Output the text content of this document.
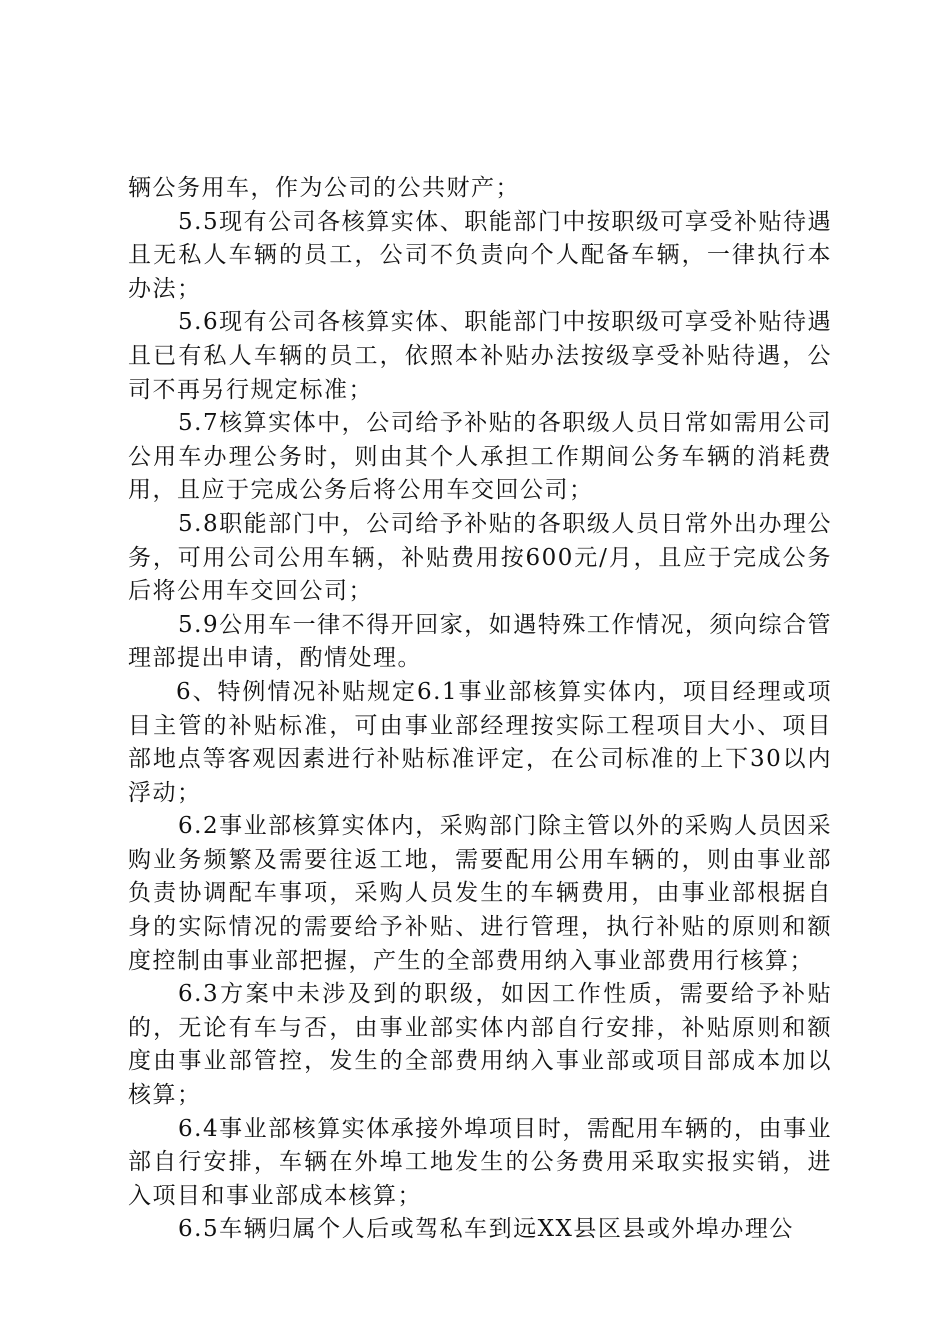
辆公务用车，作为公司的公共财产；

5.5现有公司各核算实体、职能部门中按职级可享受补贴待遇且无私人车辆的员工，公司不负责向个人配备车辆，一律执行本办法；

5.6现有公司各核算实体、职能部门中按职级可享受补贴待遇且已有私人车辆的员工，依照本补贴办法按级享受补贴待遇，公司不再另行规定标准；

5.7核算实体中，公司给予补贴的各职级人员日常如需用公司公用车办理公务时，则由其个人承担工作期间公务车辆的消耗费用，且应于完成公务后将公用车交回公司；

5.8职能部门中，公司给予补贴的各职级人员日常外出办理公务，可用公司公用车辆，补贴费用按600元/月，且应于完成公务后将公用车交回公司；

5.9公用车一律不得开回家，如遇特殊工作情况，须向综合管理部提出申请，酌情处理。

6、特例情况补贴规定6.1事业部核算实体内，项目经理或项目主管的补贴标准，可由事业部经理按实际工程项目大小、项目部地点等客观因素进行补贴标准评定，在公司标准的上下30以内浮动；

6.2事业部核算实体内，采购部门除主管以外的采购人员因采购业务频繁及需要往返工地，需要配用公用车辆的，则由事业部负责协调配车事项，采购人员发生的车辆费用，由事业部根据自身的实际情况的需要给予补贴、进行管理，执行补贴的原则和额度控制由事业部把握，产生的全部费用纳入事业部费用行核算；

6.3方案中未涉及到的职级，如因工作性质，需要给予补贴的，无论有车与否，由事业部实体内部自行安排，补贴原则和额度由事业部管控，发生的全部费用纳入事业部或项目部成本加以核算；

6.4事业部核算实体承接外埠项目时，需配用车辆的，由事业部自行安排，车辆在外埠工地发生的公务费用采取实报实销，进入项目和事业部成本核算；

6.5车辆归属个人后或驾私车到远XX县区县或外埠办理公
